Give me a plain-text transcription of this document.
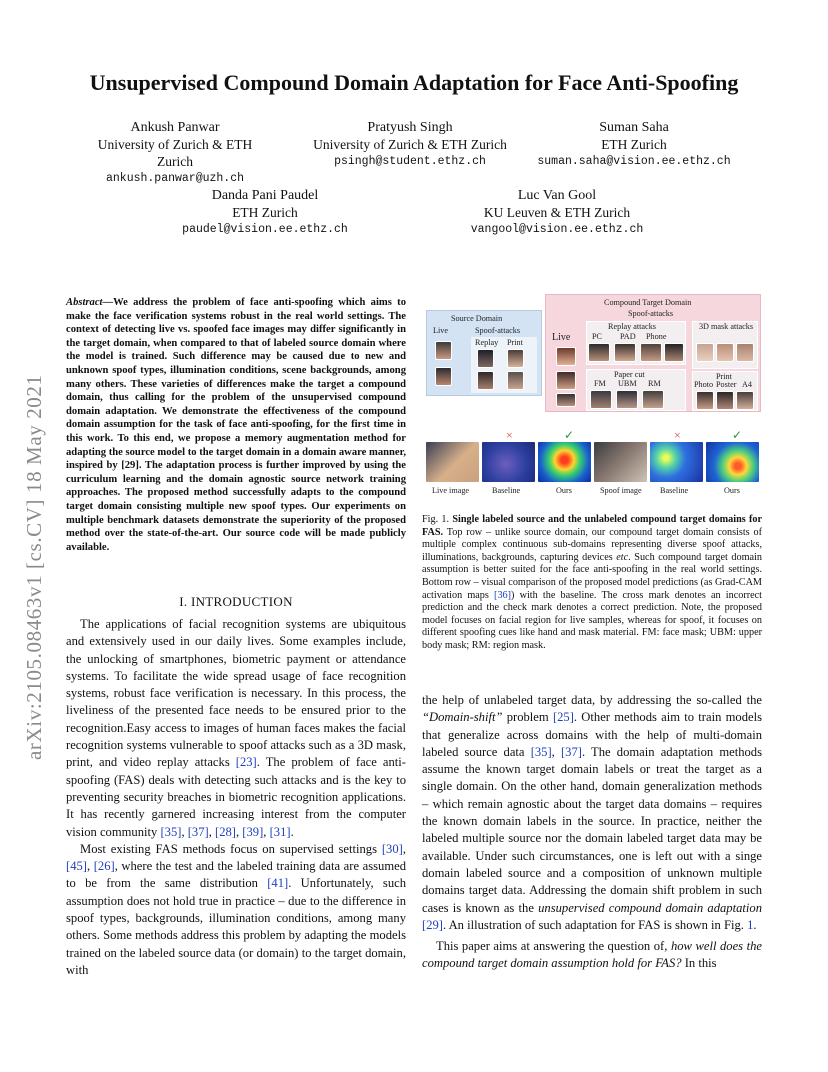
arXiv:2105.08463v1 [cs.CV] 18 May 2021
Unsupervised Compound Domain Adaptation for Face Anti-Spoofing
Ankush Panwar
University of Zurich & ETH Zurich
ankush.panwar@uzh.ch
Pratyush Singh
University of Zurich & ETH Zurich
psingh@student.ethz.ch
Suman Saha
ETH Zurich
suman.saha@vision.ee.ethz.ch
Danda Pani Paudel
ETH Zurich
paudel@vision.ee.ethz.ch
Luc Van Gool
KU Leuven & ETH Zurich
vangool@vision.ee.ethz.ch
Abstract—We address the problem of face anti-spoofing which aims to make the face verification systems robust in the real world settings. The context of detecting live vs. spoofed face images may differ significantly in the target domain, when compared to that of labeled source domain where the model is trained. Such difference may be caused due to new and unknown spoof types, illumination conditions, scene backgrounds, among many others. These varieties of differences make the target a compound domain, thus calling for the problem of the unsupervised compound domain adaptation. We demonstrate the effectiveness of the compound domain assumption for the task of face anti-spoofing, for the first time in this work. To this end, we propose a memory augmentation method for adapting the source model to the target domain in a domain aware manner, inspired by [29]. The adaptation process is further improved by using the curriculum learning and the domain agnostic source network training approaches. The proposed method successfully adapts to the compound target domain consisting multiple new spoof types. Our experiments on multiple benchmark datasets demonstrate the superiority of the proposed method over the state-of-the-art. Our source code will be made publicly available.
I. INTRODUCTION

The applications of facial recognition systems are ubiquitous and extensively used in our daily lives. Some examples include, the unlocking of smartphones, biometric payment or attendance systems. To facilitate the wide spread usage of face recognition systems, robust face verification is necessary. In this process, the liveliness of the presented face needs to be ensured prior to the recognition.Easy access to images of human faces makes the facial recognition systems vulnerable to spoof attacks such as a 3D mask, print, and video replay attacks [23]. The problem of face anti-spoofing (FAS) deals with detecting such attacks and is the key to preventing security breaches in biometric recognition applications. It has recently garnered increasing interest from the computer vision community [35], [37], [28], [39], [31].

Most existing FAS methods focus on supervised settings [30], [45], [26], where the test and the labeled training data are assumed to be from the same distribution [41]. Unfortunately, such assumption does not hold true in practice – due to the difference in spoof types, backgrounds, illumination conditions, among many others. Some methods address this problem by adapting the models trained on the labeled source data (or domain) to the target domain, with

Source Domain
Live	Spoof-attacks
Replay Print
Compound Target Domain
Spoof-attacks
Live
Replay attacks
PC PAD Phone
3D mask attacks
Paper cut
FM UBM RM
Print
Photo Poster A4
×	✓	×	✓
Live image	Baseline	Ours	Spoof image Baseline	Ours
Fig. 1. Single labeled source and the unlabeled compound target domains for FAS. Top row – unlike source domain, our compound target domain consists of multiple complex continuous sub-domains representing diverse spoof attacks, illuminations, backgrounds, capturing devices etc. Such compound target domain assumption is better suited for the face anti-spoofing in the real world settings. Bottom row – visual comparison of the proposed model predictions (as Grad-CAM activation maps [36]) with the baseline. The cross mark denotes an incorrect prediction and the check mark denotes a correct prediction. Note, the proposed model focuses on facial region for live samples, whereas for spoof, it focuses on different spoofing cues like hand and mask material. FM: face mask; UBM: upper body mask; RM: region mask.

the help of unlabeled target data, by addressing the so-called the “Domain-shift” problem [25]. Other methods aim to train models that generalize across domains with the help of multi-domain labeled source data [35], [37]. The domain adaptation methods assume the known target domain labels or treat the target as a single domain. On the other hand, domain generalization methods – which remain agnostic about the target data domains – requires the known domain labels in the source. In practice, neither the labeled multiple source nor the domain labeled target data may be available. Under such circumstances, one is left out with a singe domain labeled source and a composition of unknown multiple domains target data. Addressing the domain shift problem in such cases is known as the unsupervised compound domain adaptation [29]. An illustration of such adaptation for FAS is shown in Fig. 1.

This paper aims at answering the question of, how well does the compound target domain assumption hold for FAS? In this
